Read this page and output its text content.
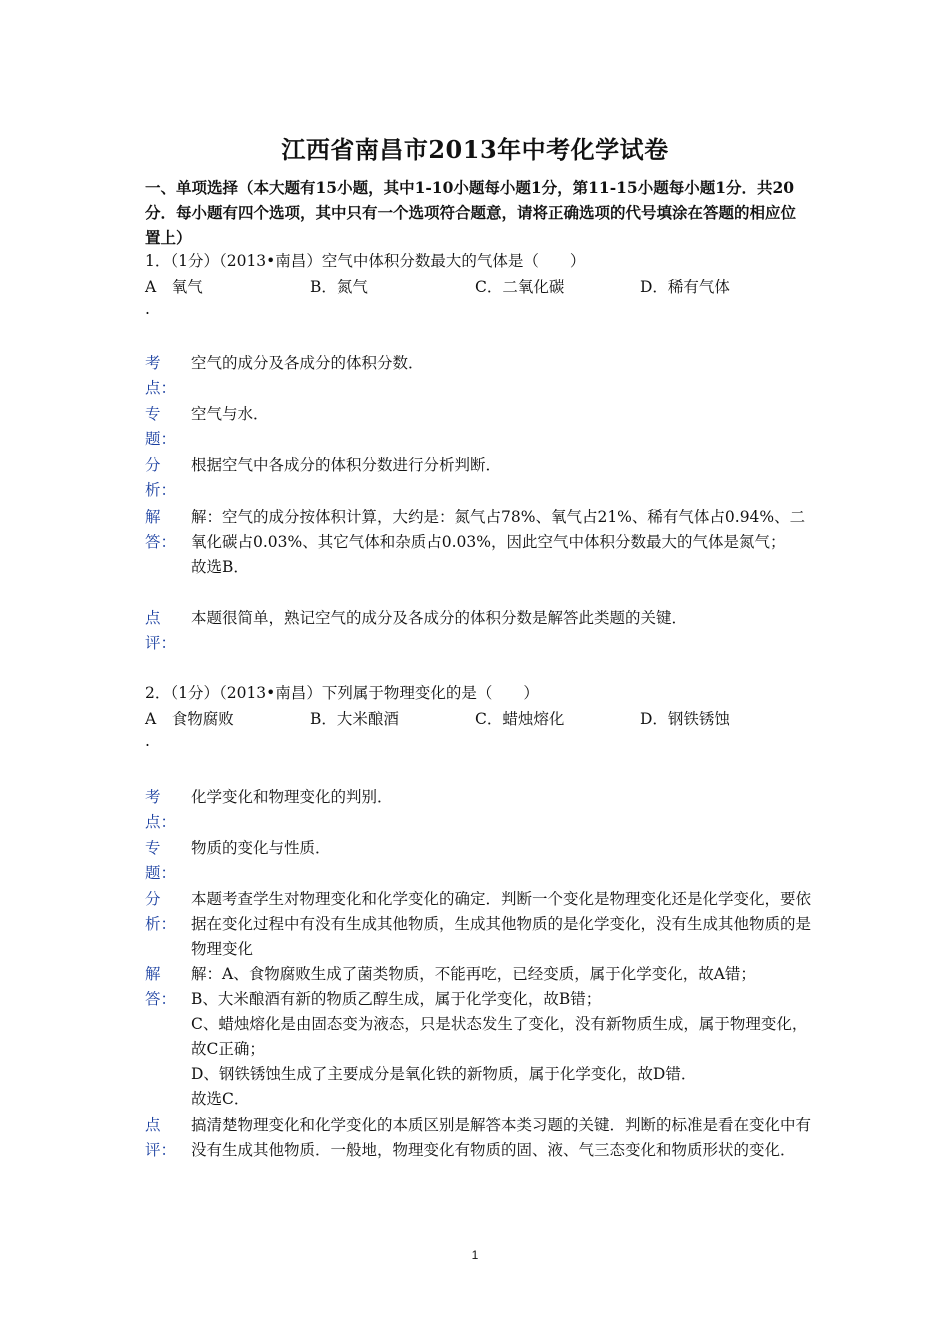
江西省南昌市2013年中考化学试卷
一、单项选择（本大题有15小题，其中1-10小题每小题1分，第11-15小题每小题1分．共20分．每小题有四个选项，其中只有一个选项符合题意，请将正确选项的代号填涂在答题的相应位置上）
1．（1分）（2013•南昌）空气中体积分数最大的气体是（　　）
A　氧气	B．氮气	C．二氧化碳	D．稀有气体
.
考点：
空气的成分及各成分的体积分数．
专题：
空气与水．
分析：
根据空气中各成分的体积分数进行分析判断．
解答：

解：空气的成分按体积计算，大约是：氮气占78%、氧气占21%、稀有气体占0.94%、二氧化碳占0.03%、其它气体和杂质占0.03%，因此空气中体积分数最大的气体是氮气；

故选B．

点评：
本题很简单，熟记空气的成分及各成分的体积分数是解答此类题的关键．
2．（1分）（2013•南昌）下列属于物理变化的是（　　）
A　食物腐败	B．大米酿酒	C．蜡烛熔化	D．钢铁锈蚀
.
考点：
化学变化和物理变化的判别．
专题：
物质的变化与性质．
分析：
本题考查学生对物理变化和化学变化的确定．判断一个变化是物理变化还是化学变化，要依据在变化过程中有没有生成其他物质，生成其他物质的是化学变化，没有生成其他物质的是物理变化
解答：

解：A、食物腐败生成了菌类物质，不能再吃，已经变质，属于化学变化，故A错；

B、大米酿酒有新的物质乙醇生成，属于化学变化，故B错；

C、蜡烛熔化是由固态变为液态，只是状态发生了变化，没有新物质生成，属于物理变化，故C正确；

D、钢铁锈蚀生成了主要成分是氧化铁的新物质，属于化学变化，故D错．

故选C．

点评：
搞清楚物理变化和化学变化的本质区别是解答本类习题的关键．判断的标准是看在变化中有没有生成其他物质．一般地，物理变化有物质的固、液、气三态变化和物质形状的变化．
1
